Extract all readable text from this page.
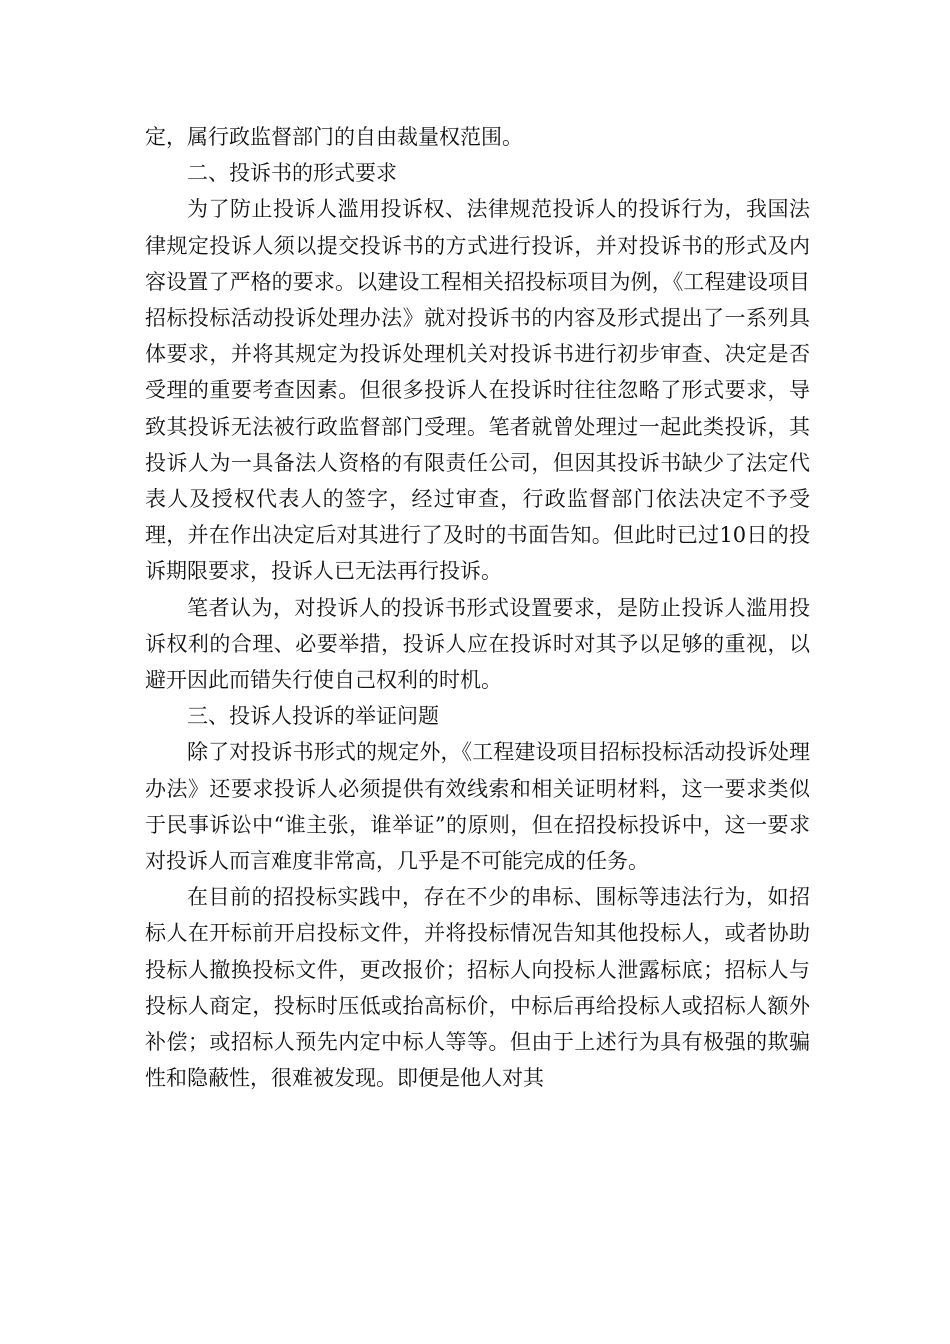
定，属行政监督部门的自由裁量权范围。

二、投诉书的形式要求

为了防止投诉人滥用投诉权、法律规范投诉人的投诉行为，我国法律规定投诉人须以提交投诉书的方式进行投诉，并对投诉书的形式及内容设置了严格的要求。以建设工程相关招投标项目为例，《工程建设项目招标投标活动投诉处理办法》就对投诉书的内容及形式提出了一系列具体要求，并将其规定为投诉处理机关对投诉书进行初步审查、决定是否受理的重要考查因素。但很多投诉人在投诉时往往忽略了形式要求，导致其投诉无法被行政监督部门受理。笔者就曾处理过一起此类投诉，其投诉人为一具备法人资格的有限责任公司，但因其投诉书缺少了法定代表人及授权代表人的签字，经过审查，行政监督部门依法决定不予受理，并在作出决定后对其进行了及时的书面告知。但此时已过10日的投诉期限要求，投诉人已无法再行投诉。

笔者认为，对投诉人的投诉书形式设置要求，是防止投诉人滥用投诉权利的合理、必要举措，投诉人应在投诉时对其予以足够的重视，以避开因此而错失行使自己权利的时机。

三、投诉人投诉的举证问题

除了对投诉书形式的规定外，《工程建设项目招标投标活动投诉处理办法》还要求投诉人必须提供有效线索和相关证明材料，这一要求类似于民事诉讼中“谁主张，谁举证”的原则，但在招投标投诉中，这一要求对投诉人而言难度非常高，几乎是不可能完成的任务。

在目前的招投标实践中，存在不少的串标、围标等违法行为，如招标人在开标前开启投标文件，并将投标情况告知其他投标人，或者协助投标人撤换投标文件，更改报价；招标人向投标人泄露标底；招标人与投标人商定，投标时压低或抬高标价，中标后再给投标人或招标人额外补偿；或招标人预先内定中标人等等。但由于上述行为具有极强的欺骗性和隐蔽性，很难被发现。即便是他人对其
